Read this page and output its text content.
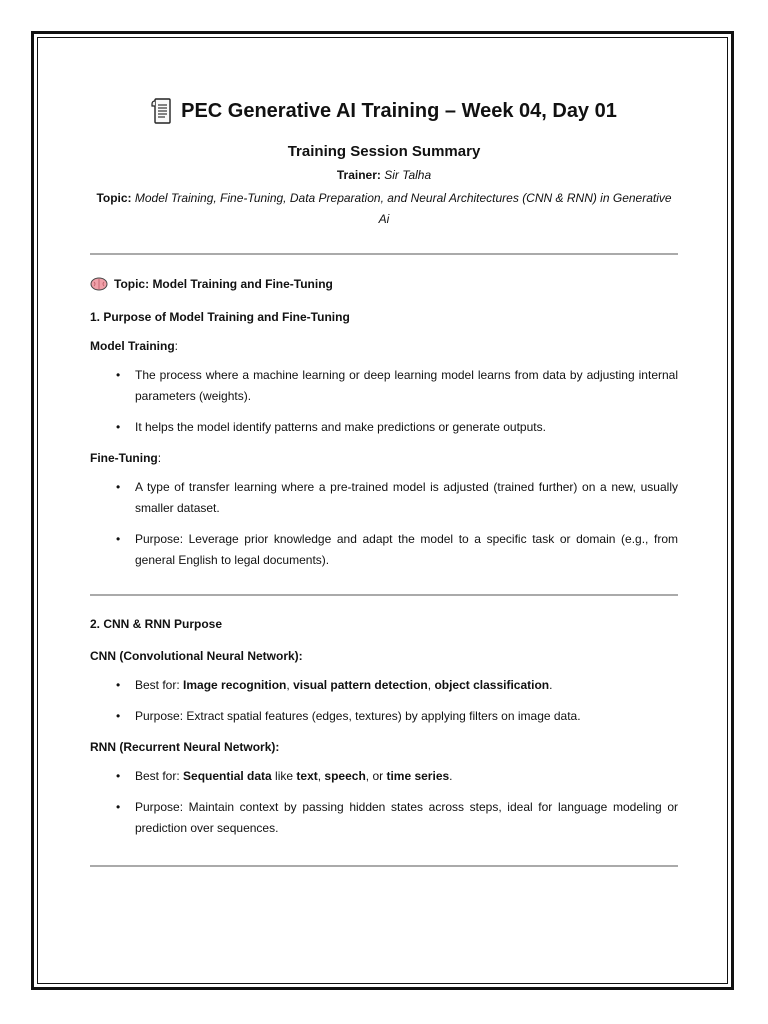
PEC Generative AI Training – Week 04, Day 01
Training Session Summary
Trainer: Sir Talha
Topic: Model Training, Fine-Tuning, Data Preparation, and Neural Architectures (CNN & RNN) in Generative Ai
Topic: Model Training and Fine-Tuning
1. Purpose of Model Training and Fine-Tuning
Model Training:
• The process where a machine learning or deep learning model learns from data by adjusting internal parameters (weights).
• It helps the model identify patterns and make predictions or generate outputs.
Fine-Tuning:
• A type of transfer learning where a pre-trained model is adjusted (trained further) on a new, usually smaller dataset.
• Purpose: Leverage prior knowledge and adapt the model to a specific task or domain (e.g., from general English to legal documents).
2. CNN & RNN Purpose
CNN (Convolutional Neural Network):
• Best for: Image recognition, visual pattern detection, object classification.
• Purpose: Extract spatial features (edges, textures) by applying filters on image data.
RNN (Recurrent Neural Network):
• Best for: Sequential data like text, speech, or time series.
• Purpose: Maintain context by passing hidden states across steps, ideal for language modeling or prediction over sequences.
